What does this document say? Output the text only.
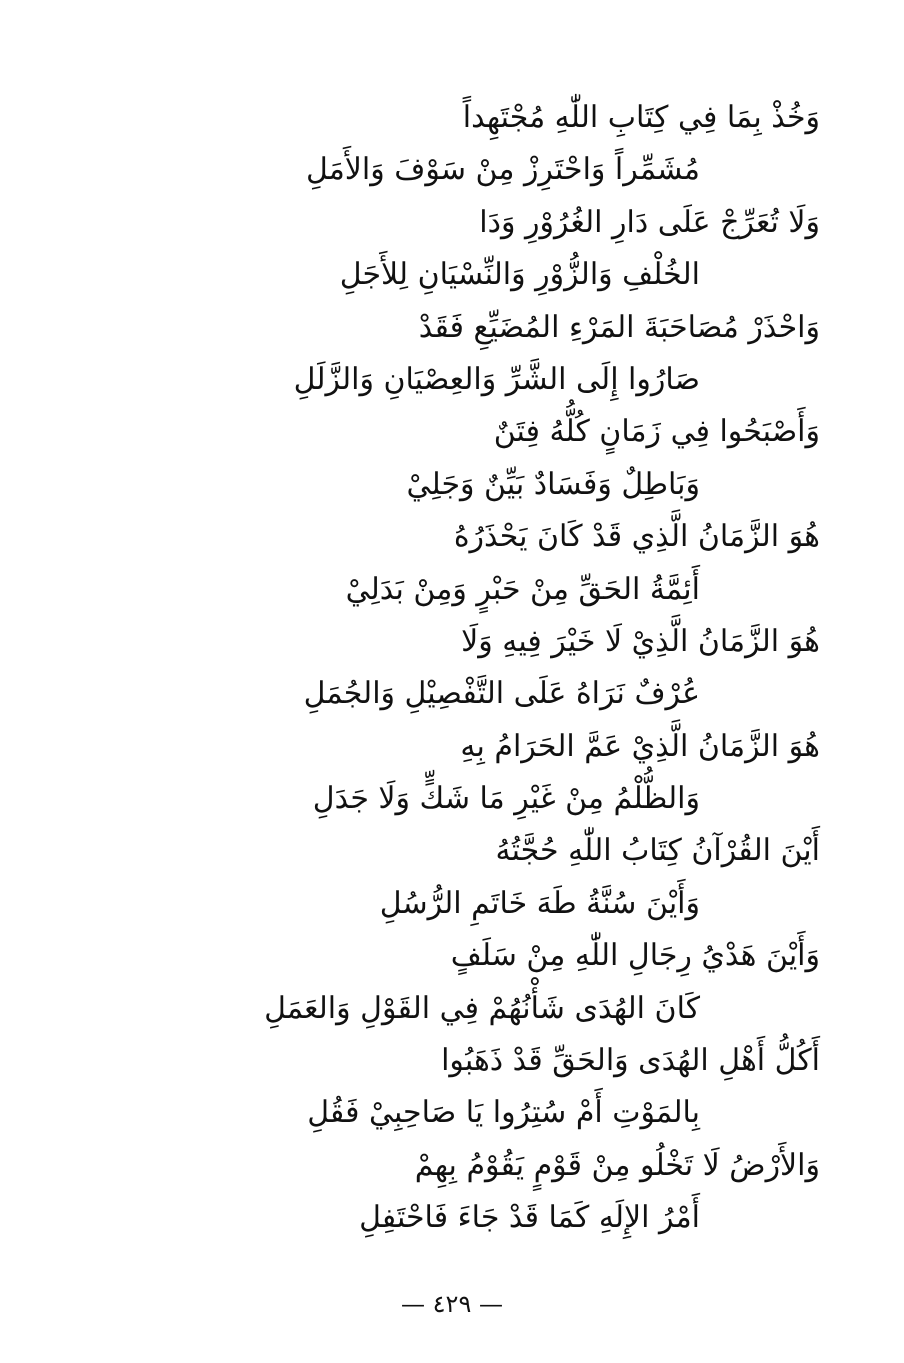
وَخُذْ بِمَا فِي كِتَابِ اللّٰهِ مُجْتَهِداً
مُشَمِّراً وَاحْتَرِزْ مِنْ سَوْفَ وَالأَمَلِ
وَلَا تُعَرِّجْ عَلَى دَارِ الغُرُوْرِ وَدَا
الخُلْفِ وَالزُّوْرِ وَالنِّسْيَانِ لِلأَجَلِ
وَاحْذَرْ مُصَاحَبَةَ المَرْءِ المُضَيِّعِ فَقَدْ
صَارُوا إِلَى الشَّرِّ وَالعِصْيَانِ وَالزَّلَلِ
وَأَصْبَحُوا فِي زَمَانٍ كُلُّهُ فِتَنٌ
وَبَاطِلٌ وَفَسَادٌ بَيِّنٌ وَجَلِيْ
هُوَ الزَّمَانُ الَّذِي قَدْ كَانَ يَحْذَرُهُ
أَئِمَّةُ الحَقِّ مِنْ حَبْرٍ وَمِنْ بَدَلِيْ
هُوَ الزَّمَانُ الَّذِيْ لَا خَيْرَ فِيهِ وَلَا
عُرْفٌ نَرَاهُ عَلَى التَّفْصِيْلِ وَالجُمَلِ
هُوَ الزَّمَانُ الَّذِيْ عَمَّ الحَرَامُ بِهِ
وَالظُّلْمُ مِنْ غَيْرِ مَا شَكٍّ وَلَا جَدَلِ
أَيْنَ القُرْآنُ كِتَابُ اللّٰهِ حُجَّتُهُ
وَأَيْنَ سُنَّةُ طَهَ خَاتَمِ الرُّسُلِ
وَأَيْنَ هَدْيُ رِجَالِ اللّٰهِ مِنْ سَلَفٍ
كَانَ الهُدَى شَأْنُهُمْ فِي القَوْلِ وَالعَمَلِ
أَكُلُّ أَهْلِ الهُدَى وَالحَقِّ قَدْ ذَهَبُوا
بِالمَوْتِ أَمْ سُتِرُوا يَا صَاحِبِيْ فَقُلِ
وَالأَرْضُ لَا تَخْلُو مِنْ قَوْمٍ يَقُوْمُ بِهِمْ
أَمْرُ الإِلَهِ كَمَا قَدْ جَاءَ فَاحْتَفِلِ
— ٤٢٩ —
